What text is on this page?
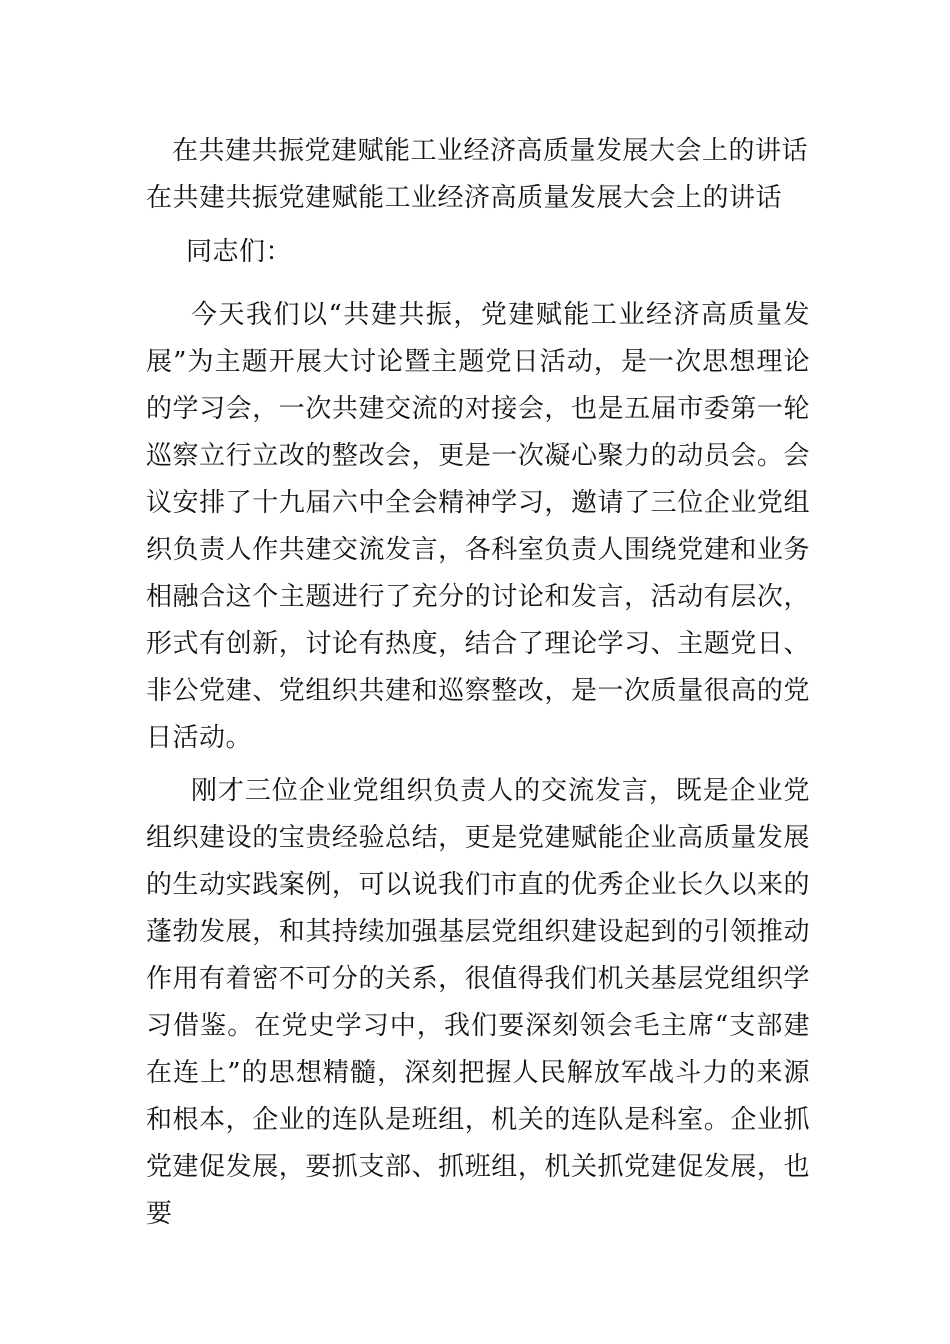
在共建共振党建赋能工业经济高质量发展大会上的讲话
在共建共振党建赋能工业经济高质量发展大会上的讲话

同志们：

今天我们以“共建共振，党建赋能工业经济高质量发展”为主题开展大讨论暨主题党日活动，是一次思想理论的学习会，一次共建交流的对接会，也是五届市委第一轮巡察立行立改的整改会，更是一次凝心聚力的动员会。会议安排了十九届六中全会精神学习，邀请了三位企业党组织负责人作共建交流发言，各科室负责人围绕党建和业务相融合这个主题进行了充分的讨论和发言，活动有层次，形式有创新，讨论有热度，结合了理论学习、主题党日、非公党建、党组织共建和巡察整改，是一次质量很高的党日活动。

刚才三位企业党组织负责人的交流发言，既是企业党组织建设的宝贵经验总结，更是党建赋能企业高质量发展的生动实践案例，可以说我们市直的优秀企业长久以来的蓬勃发展，和其持续加强基层党组织建设起到的引领推动作用有着密不可分的关系，很值得我们机关基层党组织学习借鉴。在党史学习中，我们要深刻领会毛主席“支部建在连上”的思想精髓，深刻把握人民解放军战斗力的来源和根本，企业的连队是班组，机关的连队是科室。企业抓党建促发展，要抓支部、抓班组，机关抓党建促发展，也要
